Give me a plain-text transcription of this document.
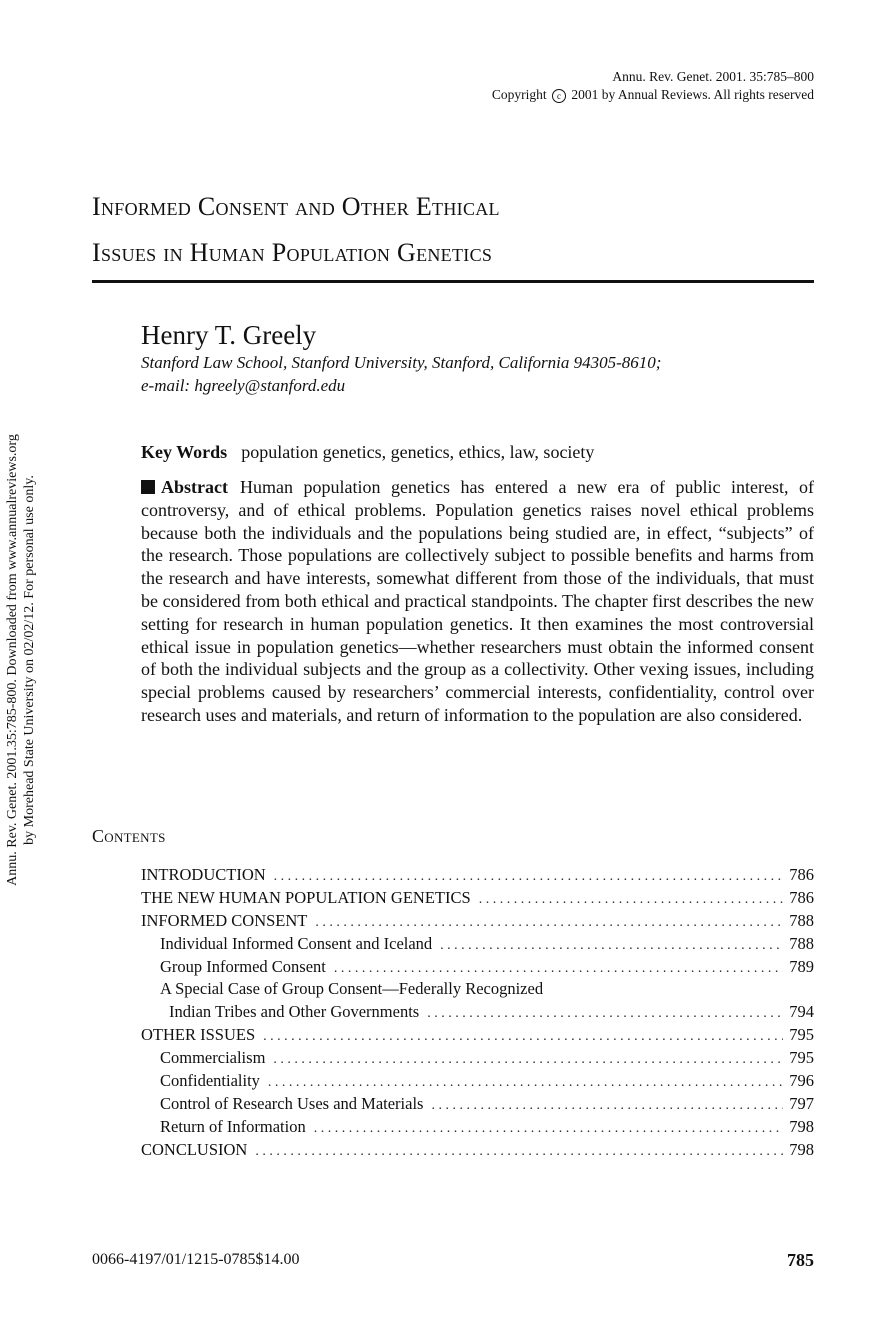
Annu. Rev. Genet. 2001. 35:785–800
Copyright c 2001 by Annual Reviews. All rights reserved
Informed Consent and Other Ethical
Issues in Human Population Genetics
Henry T. Greely
Stanford Law School, Stanford University, Stanford, California 94305-8610;
e-mail: hgreely@stanford.edu
Key Words population genetics, genetics, ethics, law, society

Abstract Human population genetics has entered a new era of public interest, of controversy, and of ethical problems. Population genetics raises novel ethical problems because both the individuals and the populations being studied are, in effect, “subjects” of the research. Those populations are collectively subject to possible benefits and harms from the research and have interests, somewhat different from those of the individuals, that must be considered from both ethical and practical standpoints. The chapter first describes the new setting for research in human population genetics. It then examines the most controversial ethical issue in population genetics—whether researchers must obtain the informed consent of both the individual subjects and the group as a collectivity. Other vexing issues, including special problems caused by researchers’ commercial interests, confidentiality, control over research uses and materials, and return of information to the population are also considered.

Contents
INTRODUCTION . . .	786
THE NEW HUMAN POPULATION GENETICS . . .	786
INFORMED CONSENT . . .	788
Individual Informed Consent and Iceland . . .	788
Group Informed Consent . . .	789
A Special Case of Group Consent—Federally Recognized
Indian Tribes and Other Governments . . .	794
OTHER ISSUES . . .	795
Commercialism . . .	795
Confidentiality . . .	796
Control of Research Uses and Materials . . .	797
Return of Information . . .	798
CONCLUSION . . .	798
Annu. Rev. Genet. 2001.35:785-800. Downloaded from www.annualreviews.org by Morehead State University on 02/02/12. For personal use only.
0066-4197/01/1215-0785$14.00	785
